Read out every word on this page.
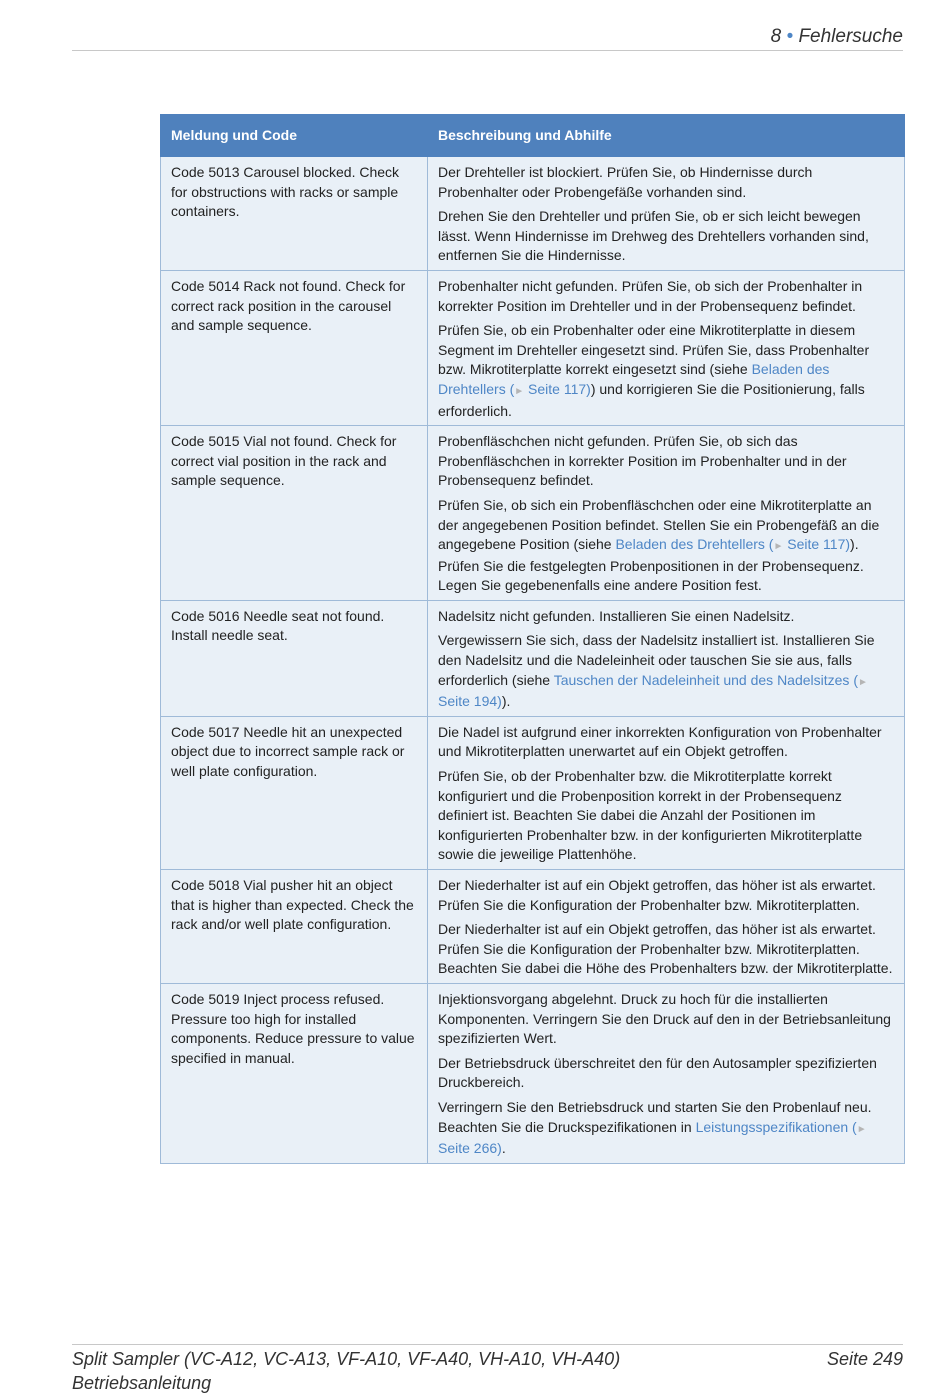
8 • Fehlersuche
Meldung und Code	Beschreibung und Abhilfe
Code 5013 Carousel blocked. Check for obstructions with racks or sample containers.	Der Drehteller ist blockiert. Prüfen Sie, ob Hindernisse durch Probenhalter oder Probengefäße vorhanden sind.

Drehen Sie den Drehteller und prüfen Sie, ob er sich leicht bewegen lässt. Wenn Hindernisse im Drehweg des Drehtellers vorhanden sind, entfernen Sie die Hindernisse.

Code 5014 Rack not found. Check for correct rack position in the carousel and sample sequence.	Probenhalter nicht gefunden. Prüfen Sie, ob sich der Probenhalter in korrekter Position im Drehteller und in der Probensequenz befindet.

Prüfen Sie, ob ein Probenhalter oder eine Mikrotiterplatte in diesem Segment im Drehteller eingesetzt sind. Prüfen Sie, dass Probenhalter bzw. Mikrotiterplatte korrekt eingesetzt sind (siehe Beladen des Drehtellers (► Seite 117)) und korrigieren Sie die Positionierung, falls erforderlich.

Code 5015 Vial not found. Check for correct vial position in the rack and sample sequence.	Probenfläschchen nicht gefunden. Prüfen Sie, ob sich das Probenfläschchen in korrekter Position im Probenhalter und in der Probensequenz befindet.

Prüfen Sie, ob sich ein Probenfläschchen oder eine Mikrotiterplatte an der angegebenen Position befindet. Stellen Sie ein Probengefäß an die angegebene Position (siehe Beladen des Drehtellers (► Seite 117)). Prüfen Sie die festgelegten Probenpositionen in der Probensequenz. Legen Sie gegebenenfalls eine andere Position fest.

Code 5016 Needle seat not found. Install needle seat.	Nadelsitz nicht gefunden. Installieren Sie einen Nadelsitz.

Vergewissern Sie sich, dass der Nadelsitz installiert ist. Installieren Sie den Nadelsitz und die Nadeleinheit oder tauschen Sie sie aus, falls erforderlich (siehe Tauschen der Nadeleinheit und des Nadelsitzes (► Seite 194)).

Code 5017 Needle hit an unexpected object due to incorrect sample rack or well plate configuration.	Die Nadel ist aufgrund einer inkorrekten Konfiguration von Probenhalter und Mikrotiterplatten unerwartet auf ein Objekt getroffen.

Prüfen Sie, ob der Probenhalter bzw. die Mikrotiterplatte korrekt konfiguriert und die Probenposition korrekt in der Probensequenz definiert ist. Beachten Sie dabei die Anzahl der Positionen im konfigurierten Probenhalter bzw. in der konfigurierten Mikrotiterplatte sowie die jeweilige Plattenhöhe.

Code 5018 Vial pusher hit an object that is higher than expected. Check the rack and/or well plate configuration.	Der Niederhalter ist auf ein Objekt getroffen, das höher ist als erwartet. Prüfen Sie die Konfiguration der Probenhalter bzw. Mikrotiterplatten.

Der Niederhalter ist auf ein Objekt getroffen, das höher ist als erwartet. Prüfen Sie die Konfiguration der Probenhalter bzw. Mikrotiterplatten. Beachten Sie dabei die Höhe des Probenhalters bzw. der Mikrotiterplatte.

Code 5019 Inject process refused. Pressure too high for installed components. Reduce pressure to value specified in manual.	Injektionsvorgang abgelehnt. Druck zu hoch für die installierten Komponenten. Verringern Sie den Druck auf den in der Betriebsanleitung spezifizierten Wert.

Der Betriebsdruck überschreitet den für den Autosampler spezifizierten Druckbereich.

Verringern Sie den Betriebsdruck und starten Sie den Probenlauf neu. Beachten Sie die Druckspezifikationen in Leistungsspezifikationen (► Seite 266).

Split Sampler (VC-A12, VC-A13, VF-A10, VF-A40, VH-A10, VH-A40)
Betriebsanleitung
Seite 249
